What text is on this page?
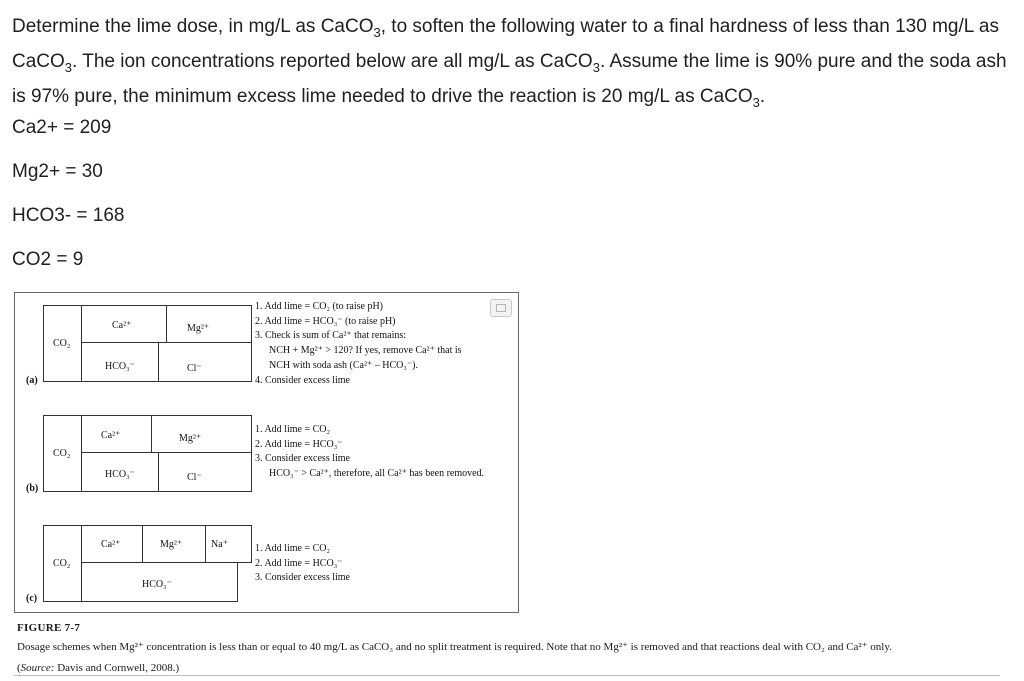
Determine the lime dose, in mg/L as CaCO$_3$, to soften the following water to a final hardness of less than 130 mg/L as CaCO$_3$. The ion concentrations reported below are all mg/L as CaCO$_3$. Assume the lime is 90% pure and the soda ash is 97% pure, the minimum excess lime needed to drive the reaction is 20 mg/L as CaCO$_3$.
Ca2+ = 209
Mg2+ = 30
HCO3- = 168
CO2 = 9
(a)
CO₂
Ca²⁺	Mg²⁺
HCO₃⁻	Cl⁻
1. Add lime = CO₂ (to raise pH)
2. Add lime = HCO₃⁻ (to raise pH)
3. Check is sum of Ca²⁺ that remains:
NCH + Mg²⁺ > 120? If yes, remove Ca²⁺ that is
NCH with soda ash (Ca²⁺ – HCO₃⁻).
4. Consider excess lime
(b)
CO₂
Ca²⁺	Mg²⁺
HCO₃⁻	Cl⁻
1. Add lime = CO₂
2. Add lime = HCO₃⁻
3. Consider excess lime
HCO₃⁻ > Ca²⁺, therefore, all Ca²⁺ has been removed.
(c)
CO₂
Ca²⁺	Mg²⁺	Na⁺
HCO₃⁻
1. Add lime = CO₂
2. Add lime = HCO₃⁻
3. Consider excess lime
FIGURE 7-7
Dosage schemes when Mg²⁺ concentration is less than or equal to 40 mg/L as CaCO₃ and no split treatment is required. Note that no Mg²⁺ is removed and that reactions deal with CO₂ and Ca²⁺ only.
(Source: Davis and Cornwell, 2008.)
